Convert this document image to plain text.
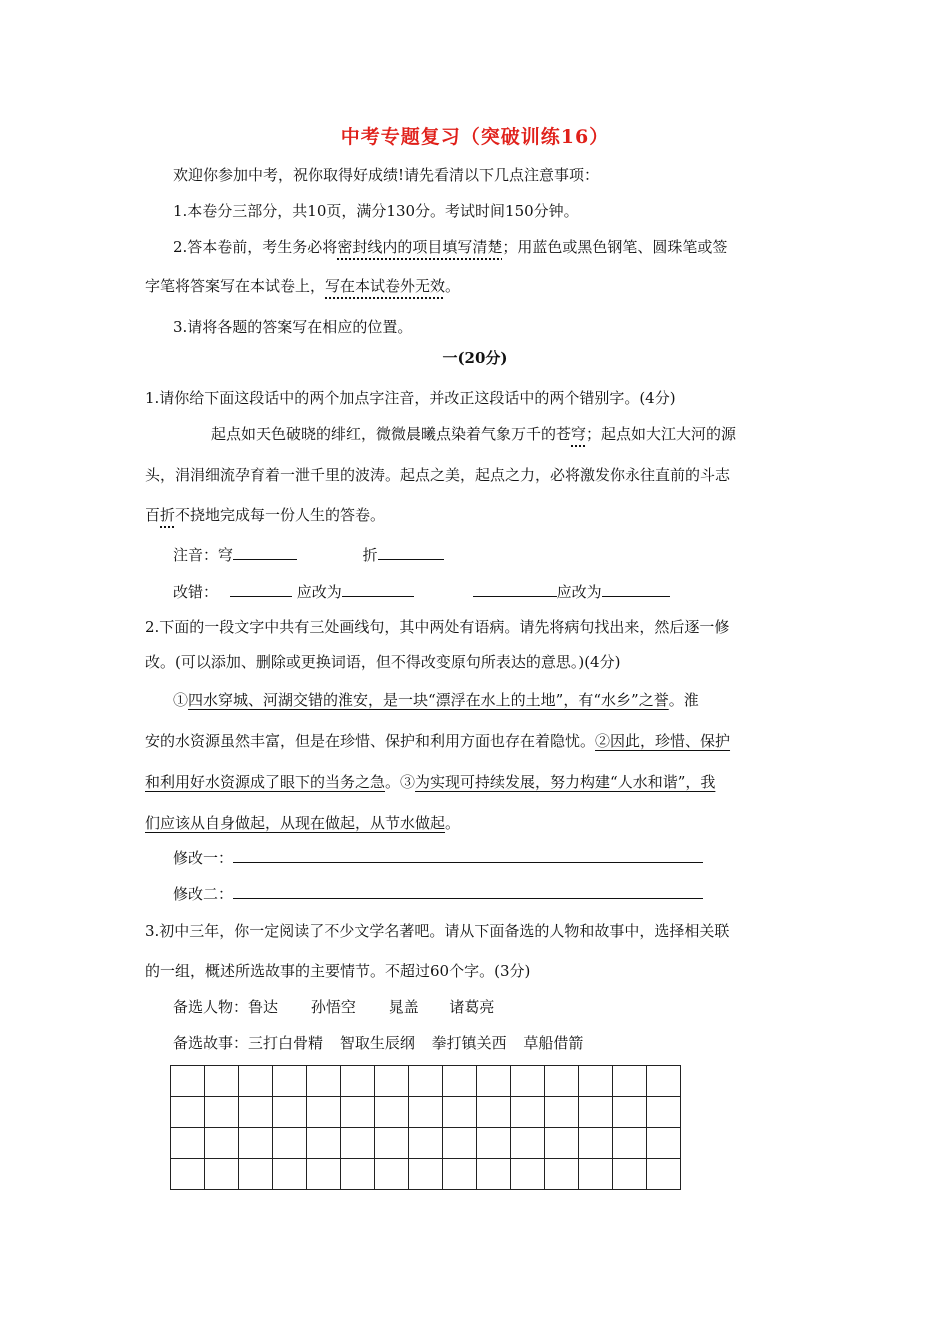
中考专题复习（突破训练16）
欢迎你参加中考，祝你取得好成绩!请先看清以下几点注意事项：
1.本卷分三部分，共10页，满分130分。考试时间150分钟。
2.答本卷前，考生务必将密封线内的项目填写清楚；用蓝色或黑色钢笔、圆珠笔或签
字笔将答案写在本试卷上，写在本试卷外无效。
3.请将各题的答案写在相应的位置。
一(20分)
1.请你给下面这段话中的两个加点字注音，并改正这段话中的两个错别字。(4分)
起点如天色破晓的绯红，微微晨曦点染着气象万千的苍穹；起点如大江大河的源
头，涓涓细流孕育着一泄千里的波涛。起点之美，起点之力，必将激发你永往直前的斗志
百折不挠地完成每一份人生的答卷。
注音：穹	折
改错：	应改为	应改为
2.下面的一段文字中共有三处画线句，其中两处有语病。请先将病句找出来，然后逐一修
改。(可以添加、删除或更换词语，但不得改变原句所表达的意思。)(4分)
①四水穿城、河湖交错的淮安，是一块“漂浮在水上的土地”，有“水乡”之誉。淮
安的水资源虽然丰富，但是在珍惜、保护和利用方面也存在着隐忧。②因此，珍惜、保护
和利用好水资源成了眼下的当务之急。③为实现可持续发展，努力构建“人水和谐”，我
们应该从自身做起，从现在做起，从节水做起。
修改一：
修改二：
3.初中三年，你一定阅读了不少文学名著吧。请从下面备选的人物和故事中，选择相关联
的一组，概述所选故事的主要情节。不超过60个字。(3分)
备选人物：鲁达 孙悟空 晁盖 诸葛亮
备选故事：三打白骨精 智取生辰纲 拳打镇关西 草船借箭
